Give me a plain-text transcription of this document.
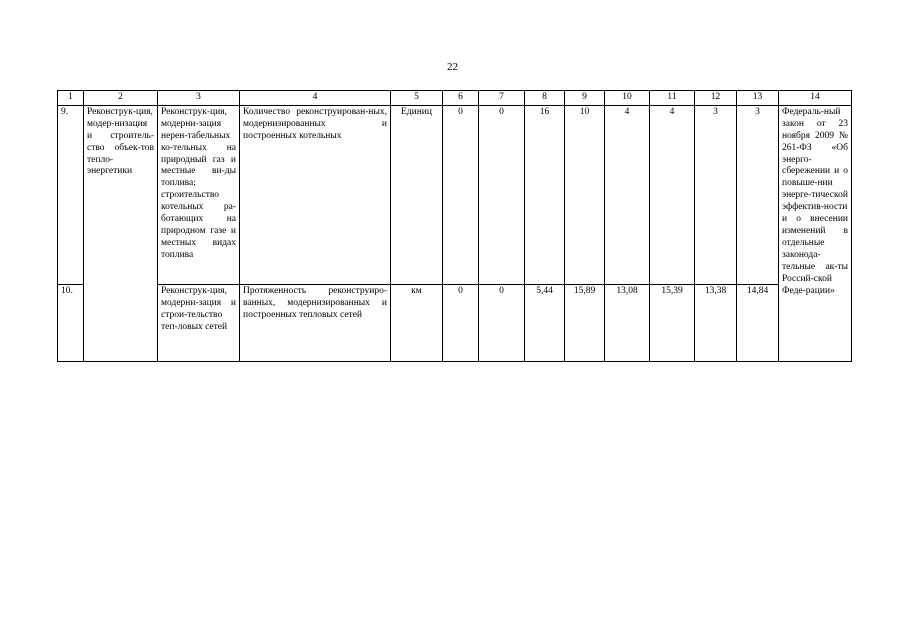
22
1	2	3	4	5	6	7	8	9	10	11	12	13	14
9.	Реконструк-ция, модер-низация и строитель-ство объек-тов тепло-энергетики	Реконструк-ция, модерни-зация нерен-табельных ко-тельных на природный газ и местные ви-ды топлива; строительство котельных ра-ботающих на природном газе и местных видах топлива	Количество реконструирован-ных, модернизированных и построенных котельных	Единиц	0	0	16	10	4	4	3	3	Федераль-ный закон от 23 ноября 2009 № 261-ФЗ «Об энерго-сбережении и о повыше-нии энерге-тической эффектив-ности и о внесении изменений в отдельные законода-тельные ак-ты Россий-ской Феде-рации»
10.		Реконструк-ция, модерни-зация и строи-тельство теп-ловых сетей	Протяженность реконструиро-ванных, модернизированных и построенных тепловых сетей	км	0	0	5,44	15,89	13,08	15,39	13,38	14,84	
